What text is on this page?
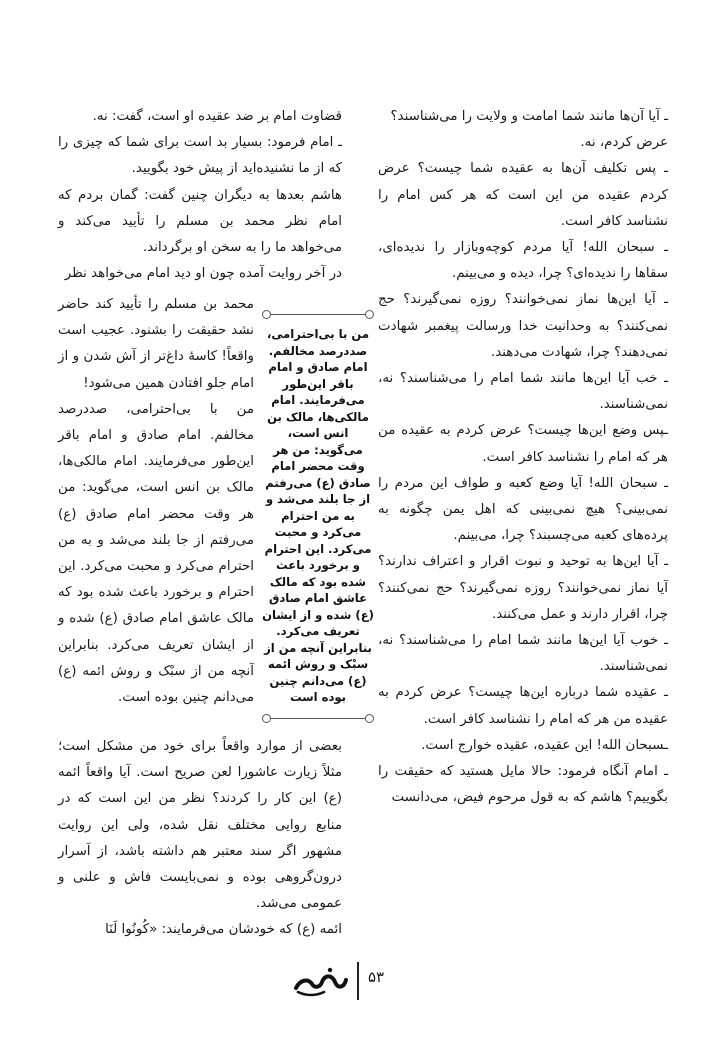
ـ آیا آن‌ها مانند شما امامت و ولایت را می‌شناسند؟

عرض کردم، نه.

ـ پس تکلیف آن‌ها به عقیده شما چیست؟ عرض کردم عقیده من این است که هر کس امام را نشناسد کافر است.

ـ سبحان الله! آیا مردم کوچه‌وبازار را ندیده‌ای، سقاها را ندیده‌ای؟ چرا، دیده و می‌بینم.

ـ آیا این‌ها نماز نمی‌خوانند؟ روزه نمی‌گیرند؟ حج نمی‌کنند؟ به وحدانیت خدا ورسالت پیغمبر شهادت نمی‌دهند؟ چرا، شهادت می‌دهند.

ـ خب آیا این‌ها مانند شما امام را می‌شناسند؟ نه، نمی‌شناسند.

ـپس وضع این‌ها چیست؟ عرض کردم به عقیده من هر که امام را نشناسد کافر است.

ـ سبحان الله! آیا وضع کعبه و طواف این مردم را نمی‌بینی؟ هیچ نمی‌بینی که اهل یمن چگونه به پرده‌های کعبه می‌چسبند؟ چرا، می‌بینم.

ـ آیا این‌ها به توحید و نبوت اقرار و اعتراف ندارند؟ آیا نماز نمی‌خوانند؟ روزه نمی‌گیرند؟ حج نمی‌کنند؟ چرا، اقرار دارند و عمل می‌کنند.

ـ خوب آیا این‌ها مانند شما امام را می‌شناسند؟ نه، نمی‌شناسند.

ـ عقیده شما درباره این‌ها چیست؟ عرض کردم به عقیده من هر که امام را نشناسد کافر است.

ـسبحان الله! این عقیده، عقیده خوارج است.

ـ امام آنگاه فرمود: حالا مایل هستید که حقیقت را بگوییم؟ هاشم که به قول مرحوم فیض، می‌دانست

قضاوت امام بر ضد عقیده او است، گفت: نه.

ـ امام فرمود: بسیار بد است برای شما که چیزی را که از ما نشنیده‌اید از پیش خود بگویید.

هاشم بعدها به دیگران چنین گفت: گمان بردم که امام نظر محمد بن مسلم را تأیید می‌کند و می‌خواهد ما را به سخن او برگرداند.

در آخر روایت آمده چون او دید امام می‌خواهد نظر

محمد بن مسلم را تأیید کند حاضر نشد حقیقت را بشنود. عجیب است واقعاً! کاسهٔ داغ‌تر از آش شدن و از امام جلو افتادن همین می‌شود!

من با بی‌احترامی، صددرصد مخالفم. امام صادق و امام باقر این‌طور می‌فرمایند. امام مالکی‌ها، مالک بن انس است، می‌گوید: من هر وقت محضر امام صادق (ع) می‌رفتم از جا بلند می‌شد و به من احترام می‌کرد و محبت می‌کرد. این احترام و برخورد باعث شده بود که مالک عاشق امام صادق (ع) شده و از ایشان تعریف می‌کرد. بنابراین آنچه من از سبْک و روش ائمه (ع) می‌دانم چنین بوده است.

بعضی از موارد واقعاً برای خود من مشکل است؛ مثلاً زیارت عاشورا لعن صریح است. آیا واقعاً ائمه (ع) این کار را کردند؟ نظر من این است که در منابع روایی مختلف نقل شده، ولی این روایت مشهور اگر سند معتبر هم داشته باشد، از اَسرار درون‌گروهی بوده و نمی‌بایست فاش و علنی و عمومی می‌شد.

ائمه (ع) که خودشان می‌فرمایند: «کُونُوا لَنَا

من با بی‌احترامی، صددرصد مخالفم. امام صادق و امام باقر این‌طور می‌فرمایند. امام مالکی‌ها، مالک بن انس است، می‌گوید: من هر وقت محضر امام صادق (ع) می‌رفتم از جا بلند می‌شد و به من احترام می‌کرد و محبت می‌کرد. این احترام و برخورد باعث شده بود که مالک عاشق امام صادق (ع) شده و از ایشان تعریف می‌کرد. بنابراین آنچه من از سبْک و روش ائمه (ع) می‌دانم چنین بوده است
۵۳
